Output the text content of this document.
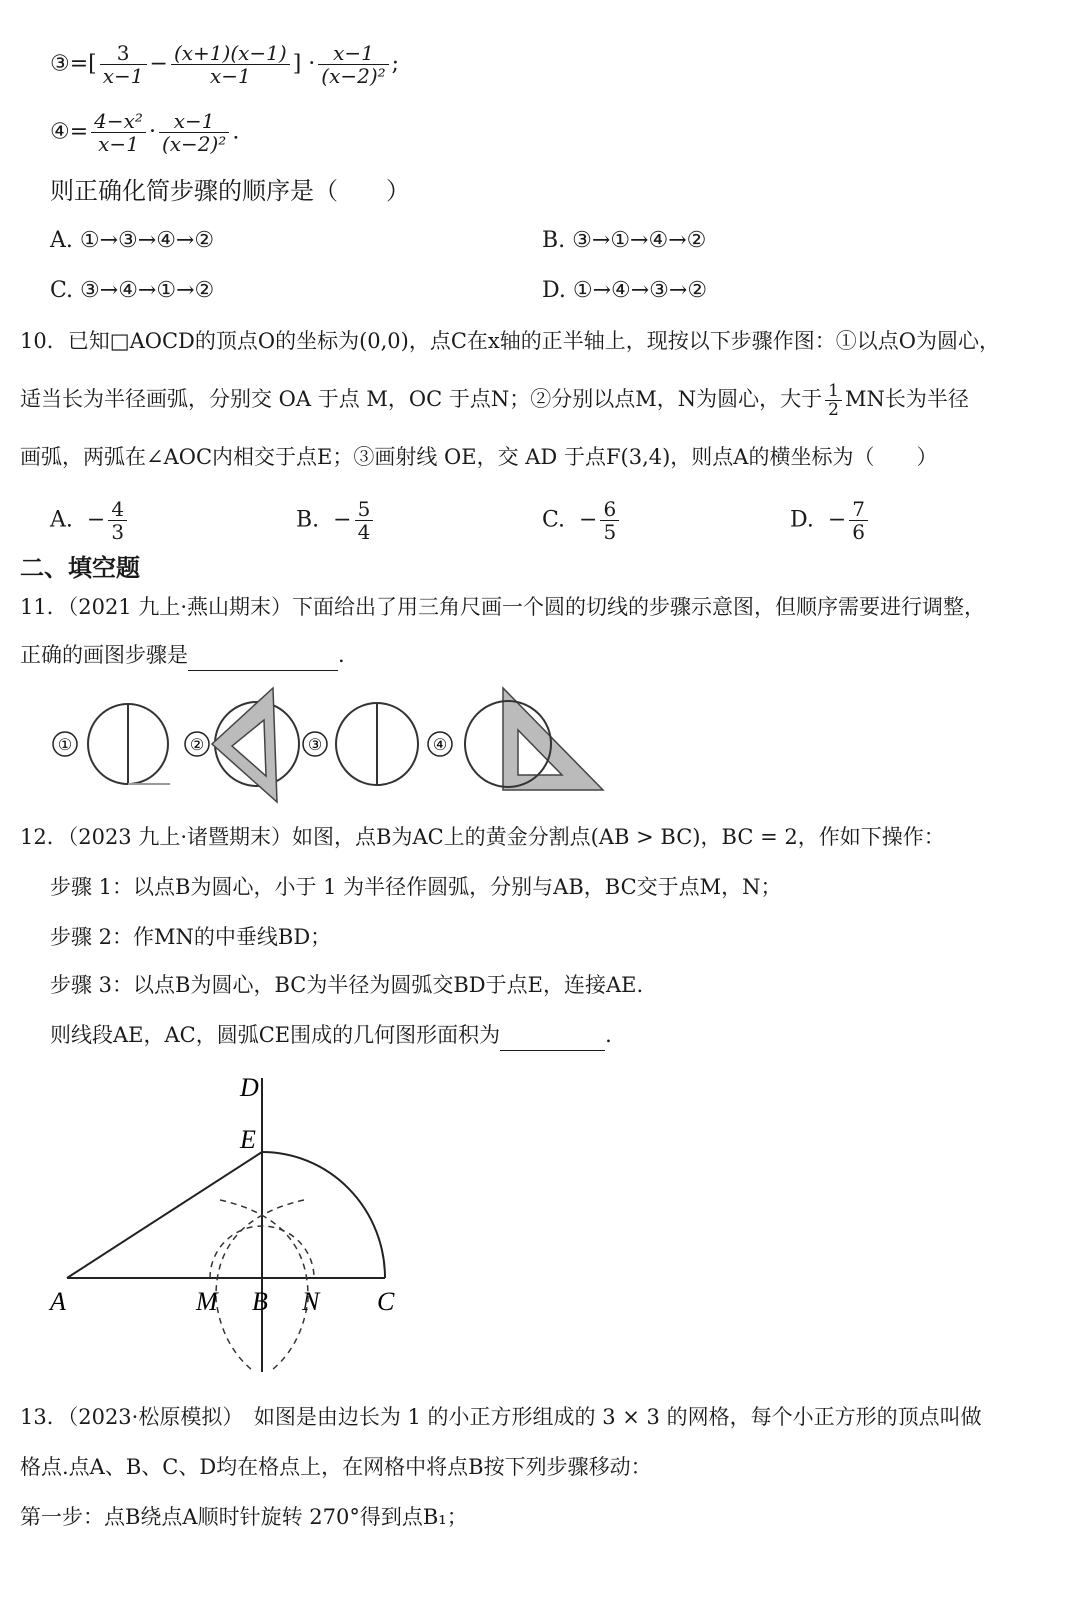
③=[ $\frac{3}{x-1} - \frac{(x+1)(x-1)}{x-1}$ ] · $\frac{x-1}{\text{(x−2)²}}$ ;
④= $\frac{\text{4−x²}}{x-1} \cdot \frac{x-1}{\text{(x−2)²}}$ .
则正确化简步骤的顺序是（　　）
A. ①→③→④→②	B. ③→①→④→②
C. ③→④→①→②	D. ①→④→③→②
10．已知□AOCD的顶点O的坐标为(0,0)，点C在x轴的正半轴上，现按以下步骤作图：①以点O为圆心，
适当长为半径画弧，分别交 OA 于点 M，OC 于点N；②分别以点M，N为圆心，大于 $\frac{1}{2}$ MN长为半径
画弧，两弧在∠AOC内相交于点E；③画射线 OE，交 AD 于点F(3,4)，则点A的横坐标为（　　）
A. − $\frac{4}{3}$	B. − $\frac{5}{4}$	C. − $\frac{6}{5}$	D. − $\frac{7}{6}$
二、填空题
11．（2021 九上·燕山期末）下面给出了用三角尺画一个圆的切线的步骤示意图，但顺序需要进行调整，
正确的画图步骤是	.
①	②	③	④
12．（2023 九上·诸暨期末）如图，点B为AC上的黄金分割点(AB > BC)，BC = 2，作如下操作：
步骤 1：以点B为圆心，小于 1 为半径作圆弧，分别与AB，BC交于点M，N；
步骤 2：作MN的中垂线BD；
步骤 3：以点B为圆心，BC为半径为圆弧交BD于点E，连接AE.
则线段AE，AC，圆弧CE围成的几何图形面积为	.
D
E
A	M B N C
13．（2023·松原模拟）　如图是由边长为 1 的小正方形组成的 3 × 3 的网格，每个小正方形的顶点叫做
格点.点A、B、C、D均在格点上，在网格中将点B按下列步骤移动：
第一步：点B绕点A顺时针旋转 270°得到点B₁；
